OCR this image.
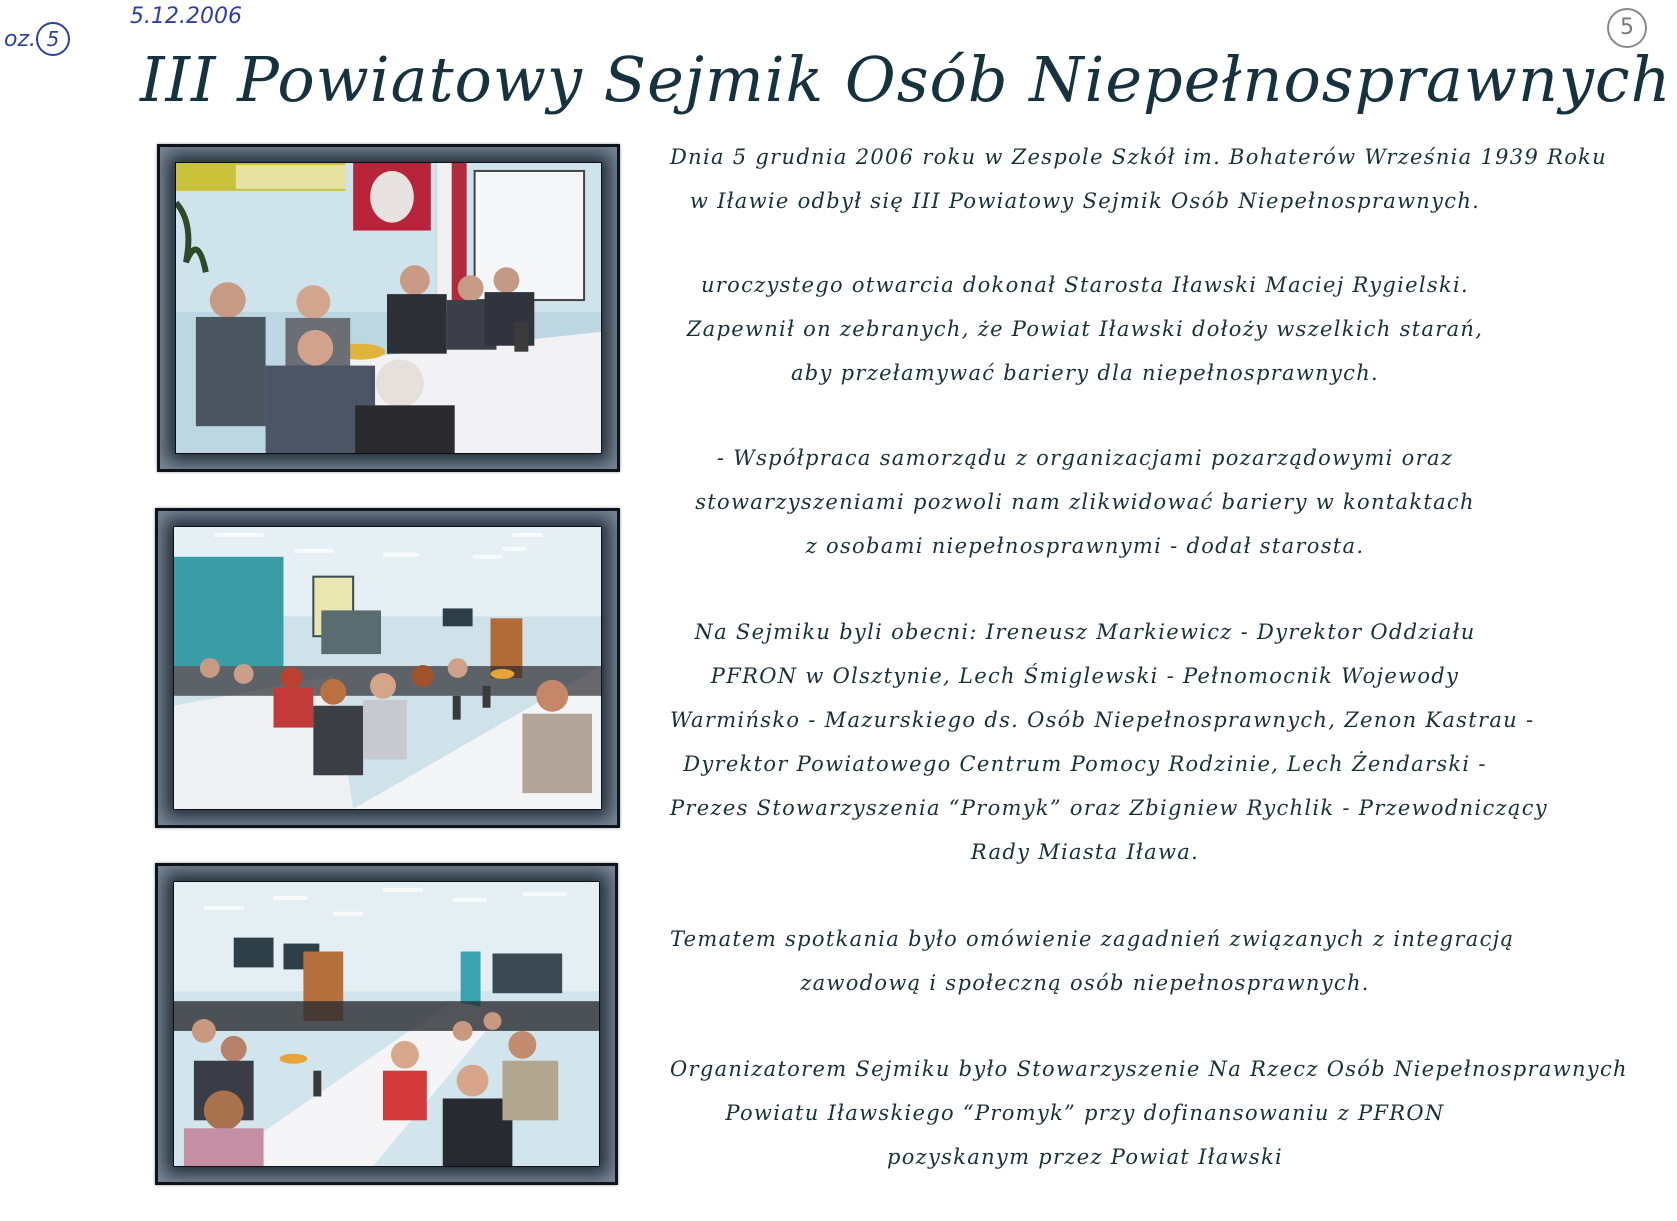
oz. 5
5.12.2006	5
III Powiatowy Sejmik Osób Niepełnosprawnych
Dnia 5 grudnia 2006 roku w Zespole Szkół im. Bohaterów Września 1939 Roku
w Iławie odbył się III Powiatowy Sejmik Osób Niepełnosprawnych.
uroczystego otwarcia dokonał Starosta Iławski Maciej Rygielski.
Zapewnił on zebranych, że Powiat Iławski dołoży wszelkich starań,
aby przełamywać bariery dla niepełnosprawnych.
- Współpraca samorządu z organizacjami pozarządowymi oraz
stowarzyszeniami pozwoli nam zlikwidować bariery w kontaktach
z osobami niepełnosprawnymi - dodał starosta.
Na Sejmiku byli obecni: Ireneusz Markiewicz - Dyrektor Oddziału
PFRON w Olsztynie, Lech Śmiglewski - Pełnomocnik Wojewody
Warmińsko - Mazurskiego ds. Osób Niepełnosprawnych, Zenon Kastrau -
Dyrektor Powiatowego Centrum Pomocy Rodzinie, Lech Żendarski -
Prezes Stowarzyszenia “Promyk” oraz Zbigniew Rychlik - Przewodniczący
Rady Miasta Iława.
Tematem spotkania było omówienie zagadnień związanych z integracją
zawodową i społeczną osób niepełnosprawnych.
Organizatorem Sejmiku było Stowarzyszenie Na Rzecz Osób Niepełnosprawnych
Powiatu Iławskiego “Promyk” przy dofinansowaniu z PFRON
pozyskanym przez Powiat Iławski
